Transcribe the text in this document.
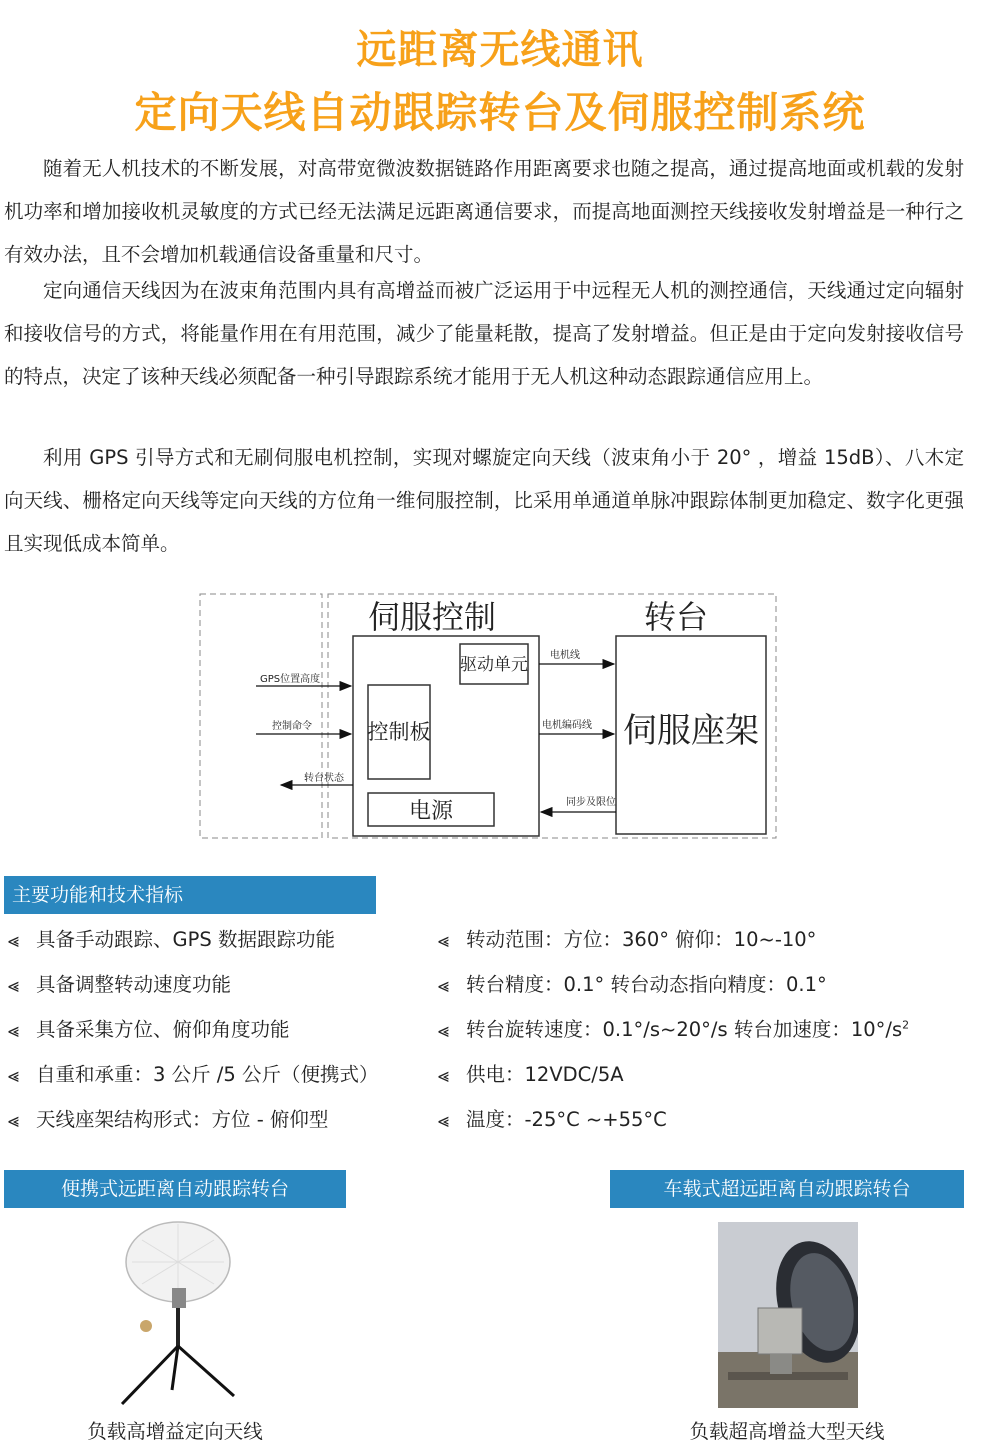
远距离无线通讯
定向天线自动跟踪转台及伺服控制系统

随着无人机技术的不断发展，对高带宽微波数据链路作用距离要求也随之提高，通过提高地面或机载的发射机功率和增加接收机灵敏度的方式已经无法满足远距离通信要求，而提高地面测控天线接收发射增益是一种行之有效办法，且不会增加机载通信设备重量和尺寸。

定向通信天线因为在波束角范围内具有高增益而被广泛运用于中远程无人机的测控通信，天线通过定向辐射和接收信号的方式，将能量作用在有用范围，减少了能量耗散，提高了发射增益。但正是由于定向发射接收信号的特点，决定了该种天线必须配备一种引导跟踪系统才能用于无人机这种动态跟踪通信应用上。

利用 GPS 引导方式和无刷伺服电机控制，实现对螺旋定向天线（波束角小于 20° ，增益 15dB）、八木定向天线、栅格定向天线等定向天线的方位角一维伺服控制，比采用单通道单脉冲跟踪体制更加稳定、数字化更强且实现低成本简单。

伺服控制	转台
驱动单元
控制板
电源
伺服座架
GPS位置高度
控制命令
转台状态
电机线
电机编码线
同步及限位
主要功能和技术指标
⪡ 具备手动跟踪、GPS 数据跟踪功能
⪡ 具备调整转动速度功能
⪡ 具备采集方位、俯仰角度功能
⪡ 自重和承重：3 公斤 /5 公斤（便携式）
⪡ 天线座架结构形式：方位 - 俯仰型
⪡ 转动范围：方位：360° 俯仰：10~-10°
⪡ 转台精度：0.1° 转台动态指向精度：0.1°
⪡ 转台旋转速度：0.1°/s~20°/s 转台加速度：$10^\circ/s^2$
⪡ 供电：12VDC/5A
⪡ 温度：-25°C ~+55°C
便携式远距离自动跟踪转台	车载式超远距离自动跟踪转台
负载高增益定向天线	负载超高增益大型天线
